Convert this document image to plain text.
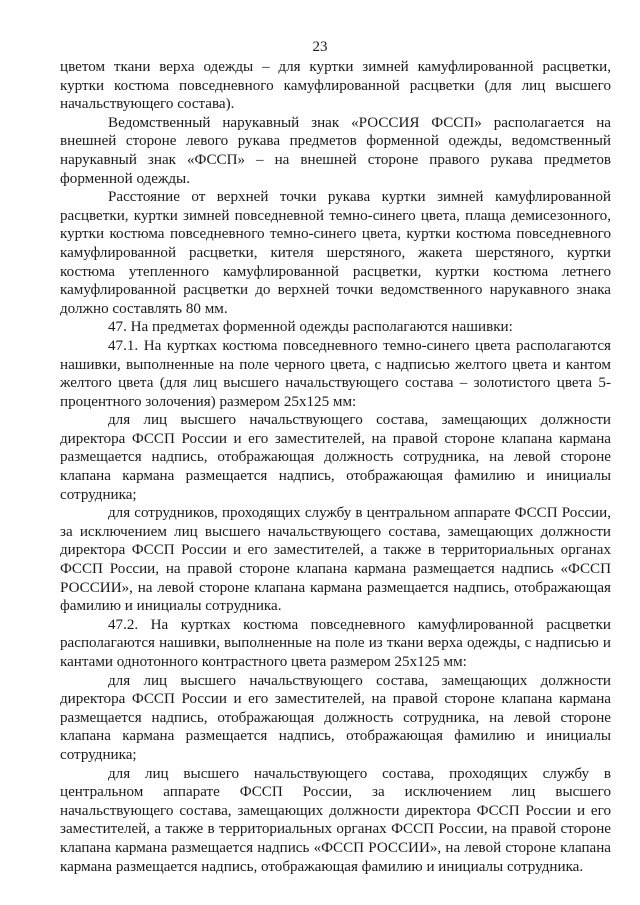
23

цветом ткани верха одежды – для куртки зимней камуфлированной расцветки, куртки костюма повседневного камуфлированной расцветки (для лиц высшего начальствующего состава).

Ведомственный нарукавный знак «РОССИЯ ФССП» располагается на внешней стороне левого рукава предметов форменной одежды, ведомственный нарукавный знак «ФССП» – на внешней стороне правого рукава предметов форменной одежды.

Расстояние от верхней точки рукава куртки зимней камуфлированной расцветки, куртки зимней повседневной темно-синего цвета, плаща демисезонного, куртки костюма повседневного темно-синего цвета, куртки костюма повседневного камуфлированной расцветки, кителя шерстяного, жакета шерстяного, куртки костюма утепленного камуфлированной расцветки, куртки костюма летнего камуфлированной расцветки до верхней точки ведомственного нарукавного знака должно составлять 80 мм.

47. На предметах форменной одежды располагаются нашивки:

47.1. На куртках костюма повседневного темно-синего цвета располагаются нашивки, выполненные на поле черного цвета, с надписью желтого цвета и кантом желтого цвета (для лиц высшего начальствующего состава – золотистого цвета 5-процентного золочения) размером 25х125 мм:

для лиц высшего начальствующего состава, замещающих должности директора ФССП России и его заместителей, на правой стороне клапана кармана размещается надпись, отображающая должность сотрудника, на левой стороне клапана кармана размещается надпись, отображающая фамилию и инициалы сотрудника;

для сотрудников, проходящих службу в центральном аппарате ФССП России, за исключением лиц высшего начальствующего состава, замещающих должности директора ФССП России и его заместителей, а также в территориальных органах ФССП России, на правой стороне клапана кармана размещается надпись «ФССП РОССИИ», на левой стороне клапана кармана размещается надпись, отображающая фамилию и инициалы сотрудника.

47.2. На куртках костюма повседневного камуфлированной расцветки располагаются нашивки, выполненные на поле из ткани верха одежды, с надписью и кантами однотонного контрастного цвета размером 25х125 мм:

для лиц высшего начальствующего состава, замещающих должности директора ФССП России и его заместителей, на правой стороне клапана кармана размещается надпись, отображающая должность сотрудника, на левой стороне клапана кармана размещается надпись, отображающая фамилию и инициалы сотрудника;

для лиц высшего начальствующего состава, проходящих службу в центральном аппарате ФССП России, за исключением лиц высшего начальствующего состава, замещающих должности директора ФССП России и его заместителей, а также в территориальных органах ФССП России, на правой стороне клапана кармана размещается надпись «ФССП РОССИИ», на левой стороне клапана кармана размещается надпись, отображающая фамилию и инициалы сотрудника.
